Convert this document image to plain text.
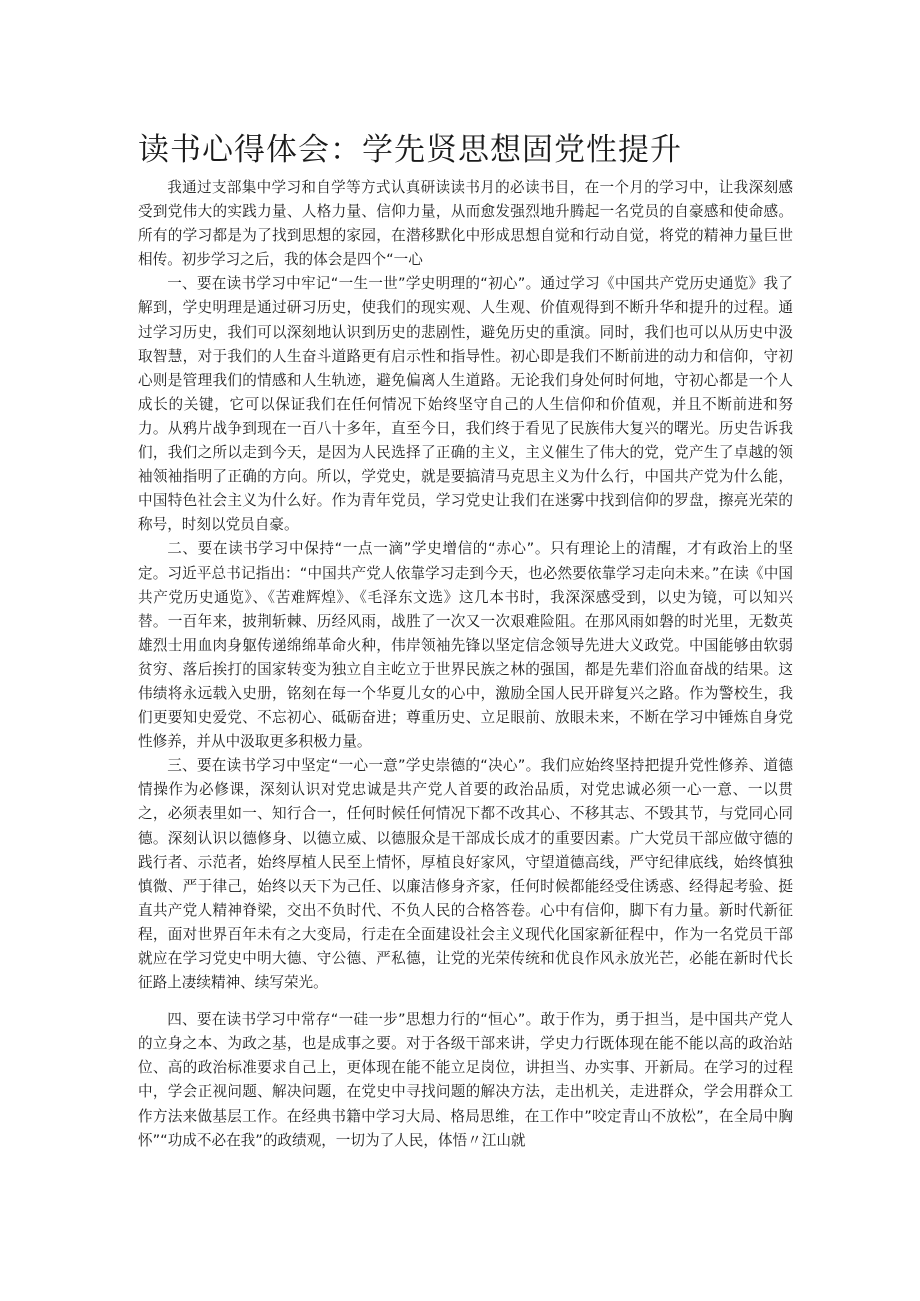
读书心得体会：学先贤思想固党性提升

我通过支部集中学习和自学等方式认真研读读书月的必读书目，在一个月的学习中，让我深刻感受到党伟大的实践力量、人格力量、信仰力量，从而愈发强烈地升腾起一名党员的自豪感和使命感。所有的学习都是为了找到思想的家园，在潜移默化中形成思想自觉和行动自觉，将党的精神力量巨世相传。初步学习之后，我的体会是四个“一心

一、要在读书学习中牢记“一生一世”学史明理的“初心”。通过学习《中国共产党历史通览》我了解到，学史明理是通过研习历史，使我们的现实观、人生观、价值观得到不断升华和提升的过程。通过学习历史，我们可以深刻地认识到历史的悲剧性，避免历史的重演。同时，我们也可以从历史中汲取智慧，对于我们的人生奋斗道路更有启示性和指导性。初心即是我们不断前进的动力和信仰，守初心则是管理我们的情感和人生轨迹，避免偏离人生道路。无论我们身处何时何地，守初心都是一个人成长的关键，它可以保证我们在任何情况下始终坚守自己的人生信仰和价值观，并且不断前进和努力。从鸦片战争到现在一百八十多年，直至今日，我们终于看见了民族伟大复兴的曙光。历史告诉我们，我们之所以走到今天，是因为人民选择了正确的主义，主义催生了伟大的党，党产生了卓越的领袖领袖指明了正确的方向。所以，学党史，就是要搞清马克思主义为什么行，中国共产党为什么能，中国特色社会主义为什么好。作为青年党员，学习党史让我们在迷雾中找到信仰的罗盘，擦亮光荣的称号，时刻以党员自豪。

二、要在读书学习中保持“一点一滴”学史增信的“赤心”。只有理论上的清醒，才有政治上的坚定。习近平总书记指出：“中国共产党人依靠学习走到今天，也必然要依靠学习走向未来。”在读《中国共产党历史通览》、《苦难辉煌》、《毛泽东文选》这几本书时，我深深感受到，以史为镜，可以知兴替。一百年来，披荆斩棘、历经风雨，战胜了一次又一次艰难险阻。在那风雨如磐的时光里，无数英雄烈士用血肉身躯传递绵绵革命火种，伟岸领袖先锋以坚定信念领导先进大义政党。中国能够由软弱贫穷、落后挨打的国家转变为独立自主屹立于世界民族之林的强国，都是先辈们浴血奋战的结果。这伟绩将永远载入史册，铭刻在每一个华夏儿女的心中，激励全国人民开辟复兴之路。作为警校生，我们更要知史爱党、不忘初心、砥砺奋进；尊重历史、立足眼前、放眼未来，不断在学习中锤炼自身党性修养，并从中汲取更多积极力量。

三、要在读书学习中坚定“一心一意”学史崇德的“决心”。我们应始终坚持把提升党性修养、道德情操作为必修课，深刻认识对党忠诚是共产党人首要的政治品质，对党忠诚必须一心一意、一以贯之，必须表里如一、知行合一，任何时候任何情况下都不改其心、不移其志、不毁其节，与党同心同德。深刻认识以德修身、以德立威、以德服众是干部成长成才的重要因素。广大党员干部应做守德的践行者、示范者，始终厚植人民至上情怀，厚植良好家风，守望道德高线，严守纪律底线，始终慎独慎微、严于律己，始终以天下为己任、以廉洁修身齐家，任何时候都能经受住诱惑、经得起考验、挺直共产党人精神脊梁，交出不负时代、不负人民的合格答卷。心中有信仰，脚下有力量。新时代新征程，面对世界百年未有之大变局，行走在全面建设社会主义现代化国家新征程中，作为一名党员干部就应在学习党史中明大德、守公德、严私德，让党的光荣传统和优良作风永放光芒，必能在新时代长征路上凄续精神、续写荣光。

四、要在读书学习中常存“一硅一步”思想力行的“恒心”。敢于作为，勇于担当，是中国共产党人的立身之本、为政之基，也是成事之要。对于各级干部来讲，学史力行既体现在能不能以高的政治站位、高的政治标准要求自己上，更体现在能不能立足岗位，讲担当、办实事、开新局。在学习的过程中，学会正视问题、解决问题，在党史中寻找问题的解决方法，走出机关，走进群众，学会用群众工作方法来做基层工作。在经典书籍中学习大局、格局思维，在工作中”咬定青山不放松”，在全局中胸怀”“功成不必在我”的政绩观，一切为了人民，体悟〃江山就
